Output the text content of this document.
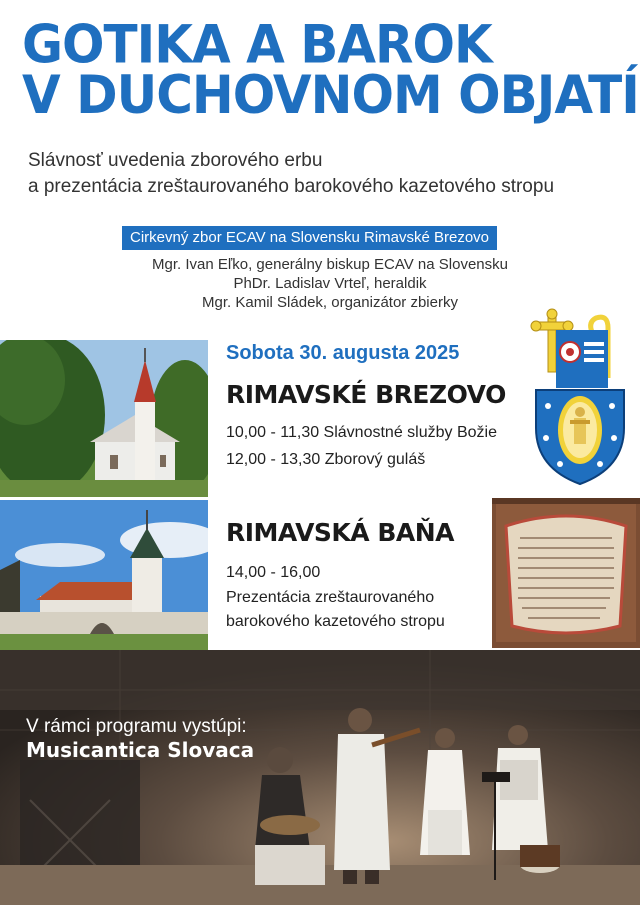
GOTIKA A BAROK
V DUCHOVNOM OBJATÍ
Slávnosť uvedenia zborového erbu
a prezentácia zreštaurovaného barokového kazetového stropu
Cirkevný zbor ECAV na Slovensku Rimavské Brezovo
Mgr. Ivan Eľko, generálny biskup ECAV na Slovensku
PhDr. Ladislav Vrteľ, heraldik
Mgr. Kamil Sládek, organizátor zbierky
Sobota 30. augusta 2025
RIMAVSKÉ BREZOVO
10,00 - 11,30 Slávnostné služby Božie
12,00 - 13,30 Zborový guláš
RIMAVSKÁ BAŇA
14,00 - 16,00
Prezentácia zreštaurovaného
barokového kazetového stropu
V rámci programu vystúpi:
Musicantica Slovaca
